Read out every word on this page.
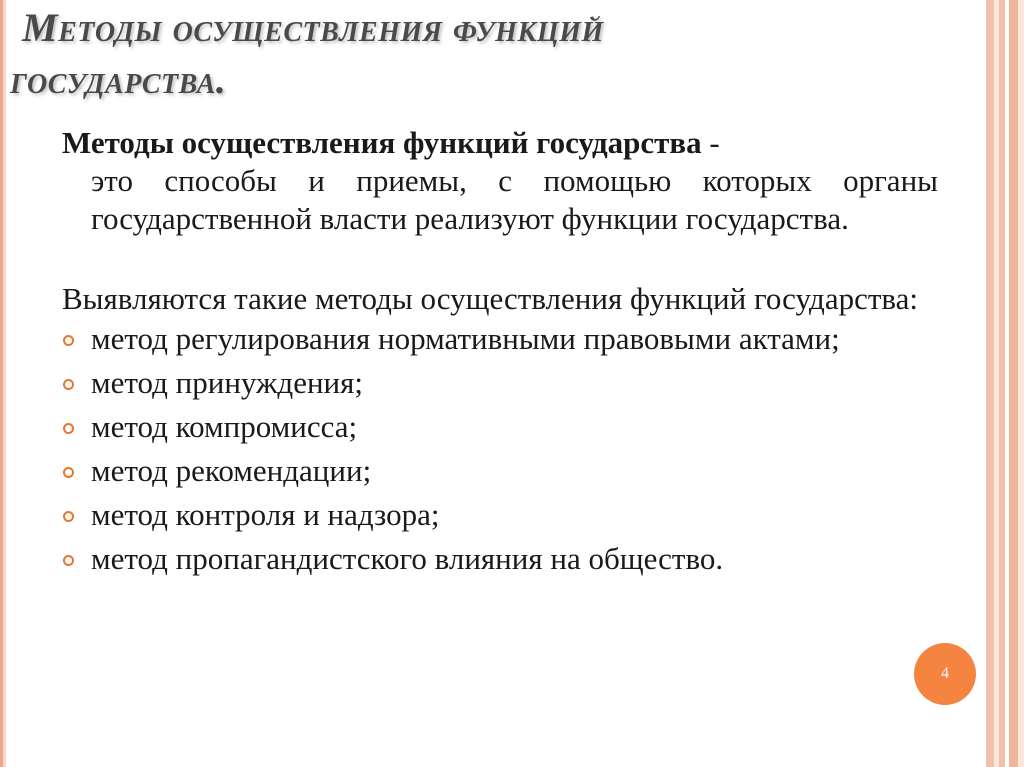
Методы осуществления функций
государства.

Методы осуществления функций государства -
это способы и приемы, с помощью которых органы государственной власти реализуют функции государства.

Выявляются такие методы осуществления функций государства:

метод регулирования нормативными правовыми актами;
метод принуждения;
метод компромисса;
метод рекомендации;
метод контроля и надзора;
метод пропагандистского влияния на общество.
4
